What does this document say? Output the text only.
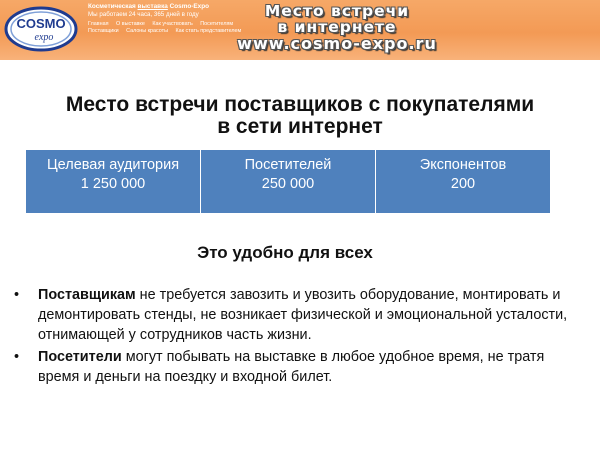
COSMO
expo
Косметическая выставка Cosmo-Expo
Мы работаем 24 часа, 365 дней в году
Главная О выставке Как участвовать Посетителям Поставщики Салоны красоты Как стать представителем
Место встречи
в интернете
www.cosmo-expo.ru
Место встречи поставщиков с покупателями
в сети интернет
Целевая аудитория
1 250 000
Посетителей
250 000
Экспонентов
200
Это удобно для всех
• Поставщикам не требуется завозить и увозить оборудование, монтировать и демонтировать стенды, не возникает физической и эмоциональной усталости, отнимающей у сотрудников часть жизни.
• Посетители могут побывать на выставке в любое удобное время, не тратя время и деньги на поездку и входной билет.
